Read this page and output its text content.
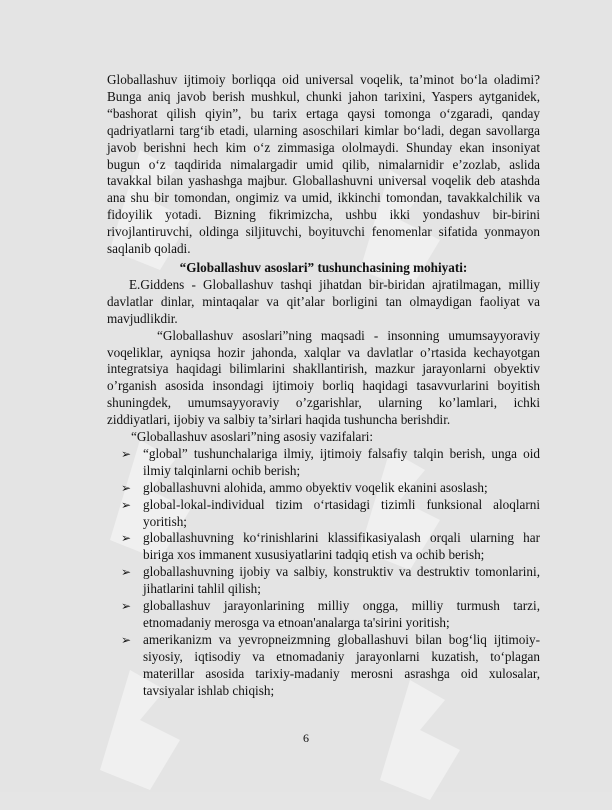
Globallashuv ijtimoiy borliqqa oid universal voqelik, ta’minot bo‘la oladimi? Bunga aniq javob berish mushkul, chunki jahon tarixini, Yaspers aytganidek, “bashorat qilish qiyin”, bu tarix ertaga qaysi tomonga o‘zgaradi, qanday qadriyatlarni targ‘ib etadi, ularning asoschilari kimlar bo‘ladi, degan savollarga javob berishni hech kim o‘z zimmasiga ololmaydi. Shunday ekan insoniyat bugun o‘z taqdirida nimalargadir umid qilib, nimalarnidir e’zozlab, aslida tavakkal bilan yashashga majbur. Globallashuvni universal voqelik deb atashda ana shu bir tomondan, ongimiz va umid, ikkinchi tomondan, tavakkalchilik va fidoyilik yotadi. Bizning fikrimizcha, ushbu ikki yondashuv bir-birini rivojlantiruvchi, oldinga siljituvchi, boyituvchi fenomenlar sifatida yonmayon saqlanib qoladi.

“Globallashuv asoslari” tushunchasining mohiyati:

E.Giddens - Globallashuv tashqi jihatdan bir-biridan ajratilmagan, milliy davlatlar dinlar, mintaqalar va qit’alar borligini tan olmaydigan faoliyat va mavjudlikdir.

“Globallashuv asoslari”ning maqsadi - insonning umumsayyoraviy voqeliklar, ayniqsa hozir jahonda, xalqlar va davlatlar o’rtasida kechayotgan integratsiya haqidagi bilimlarini shakllantirish, mazkur jarayonlarni obyektiv o’rganish asosida insondagi ijtimoiy borliq haqidagi tasavvurlarini boyitish shuningdek, umumsayyoraviy o’zgarishlar, ularning ko’lamlari, ichki ziddiyatlari, ijobiy va salbiy ta’sirlari haqida tushuncha berishdir.

“Globallashuv asoslari”ning asosiy vazifalari:

➢ “global” tushunchalariga ilmiy, ijtimoiy falsafiy talqin berish, unga oid ilmiy talqinlarni ochib berish;
➢ globallashuvni alohida, ammo obyektiv voqelik ekanini asoslash;
➢ global-lokal-individual tizim o‘rtasidagi tizimli funksional aloqlarni yoritish;
➢ globallashuvning ko‘rinishlarini klassifikasiyalash orqali ularning har biriga xos immanent xususiyatlarini tadqiq etish va ochib berish;
➢ globallashuvning ijobiy va salbiy, konstruktiv va destruktiv tomonlarini, jihatlarini tahlil qilish;
➢ globallashuv jarayonlarining milliy ongga, milliy turmush tarzi, etnomadaniy merosga va etnoan'analarga ta'sirini yoritish;
➢ amerikanizm va yevropneizmning globallashuvi bilan bog‘liq ijtimoiy-siyosiy, iqtisodiy va etnomadaniy jarayonlarni kuzatish, to‘plagan materillar asosida tarixiy-madaniy merosni asrashga oid xulosalar, tavsiyalar ishlab chiqish;
6
